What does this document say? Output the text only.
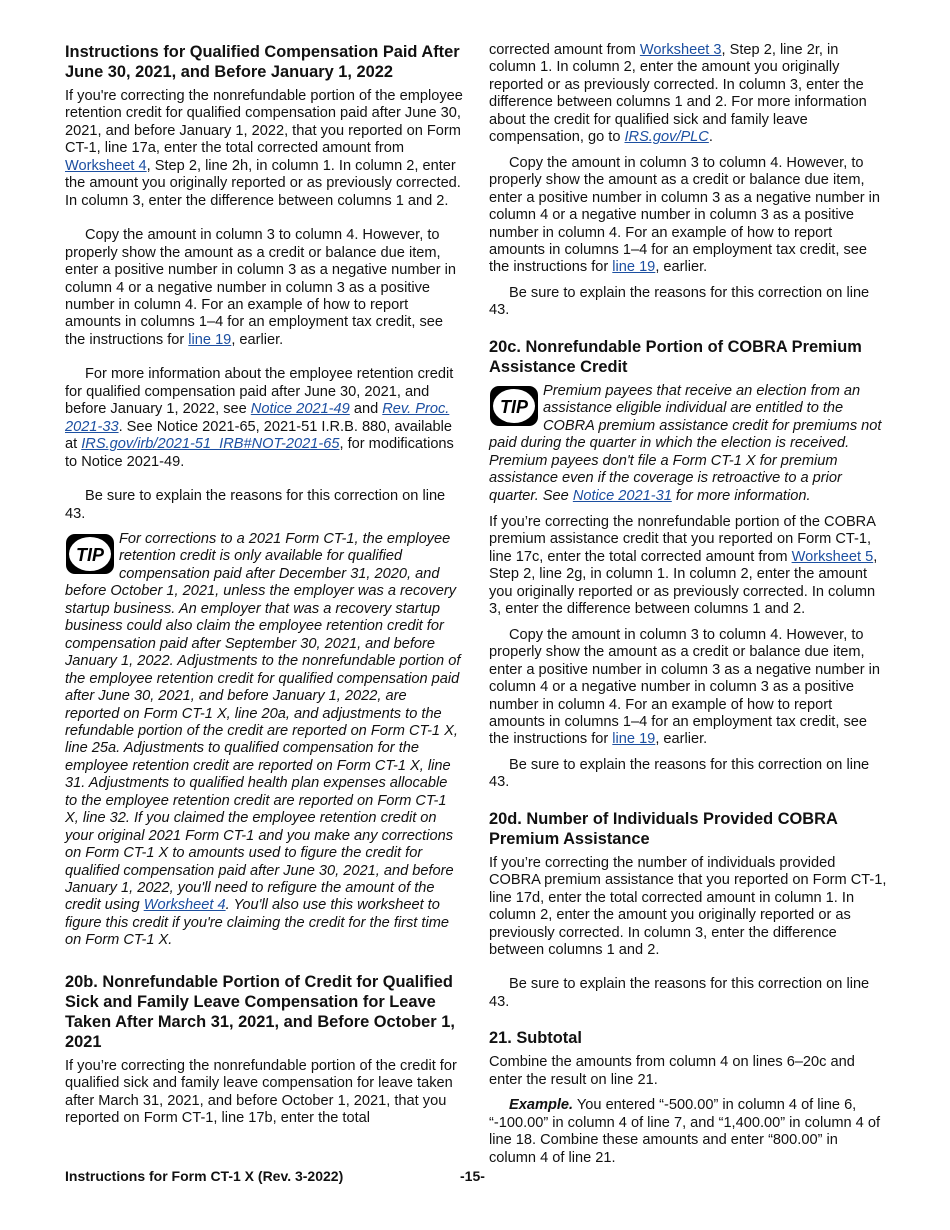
Instructions for Qualified Compensation Paid After June 30, 2021, and Before January 1, 2022

If you're correcting the nonrefundable portion of the employee retention credit for qualified compensation paid after June 30, 2021, and before January 1, 2022, that you reported on Form CT-1, line 17a, enter the total corrected amount from Worksheet 4, Step 2, line 2h, in column 1. In column 2, enter the amount you originally reported or as previously corrected. In column 3, enter the difference between columns 1 and 2.

Copy the amount in column 3 to column 4. However, to properly show the amount as a credit or balance due item, enter a positive number in column 3 as a negative number in column 4 or a negative number in column 3 as a positive number in column 4. For an example of how to report amounts in columns 1–4 for an employment tax credit, see the instructions for line 19, earlier.

For more information about the employee retention credit for qualified compensation paid after June 30, 2021, and before January 1, 2022, see Notice 2021-49 and Rev. Proc. 2021-33. See Notice 2021-65, 2021-51 I.R.B. 880, available at IRS.gov/irb/2021-51_IRB#NOT-2021-65, for modifications to Notice 2021-49.

Be sure to explain the reasons for this correction on line 43.

TIP
For corrections to a 2021 Form CT-1, the employee retention credit is only available for qualified compensation paid after December 31, 2020, and before October 1, 2021, unless the employer was a recovery startup business. An employer that was a recovery startup business could also claim the employee retention credit for compensation paid after September 30, 2021, and before January 1, 2022. Adjustments to the nonrefundable portion of the employee retention credit for qualified compensation paid after June 30, 2021, and before January 1, 2022, are reported on Form CT-1 X, line 20a, and adjustments to the refundable portion of the credit are reported on Form CT-1 X, line 25a. Adjustments to qualified compensation for the employee retention credit are reported on Form CT-1 X, line 31. Adjustments to qualified health plan expenses allocable to the employee retention credit are reported on Form CT-1 X, line 32. If you claimed the employee retention credit on your original 2021 Form CT-1 and you make any corrections on Form CT-1 X to amounts used to figure the credit for qualified compensation paid after June 30, 2021, and before January 1, 2022, you'll need to refigure the amount of the credit using Worksheet 4. You'll also use this worksheet to figure this credit if you're claiming the credit for the first time on Form CT-1 X.
20b. Nonrefundable Portion of Credit for Qualified Sick and Family Leave Compensation for Leave Taken After March 31, 2021, and Before October 1, 2021

If you’re correcting the nonrefundable portion of the credit for qualified sick and family leave compensation for leave taken after March 31, 2021, and before October 1, 2021, that you reported on Form CT-1, line 17b, enter the total

corrected amount from Worksheet 3, Step 2, line 2r, in column 1. In column 2, enter the amount you originally reported or as previously corrected. In column 3, enter the difference between columns 1 and 2. For more information about the credit for qualified sick and family leave compensation, go to IRS.gov/PLC.

Copy the amount in column 3 to column 4. However, to properly show the amount as a credit or balance due item, enter a positive number in column 3 as a negative number in column 4 or a negative number in column 3 as a positive number in column 4. For an example of how to report amounts in columns 1–4 for an employment tax credit, see the instructions for line 19, earlier.

Be sure to explain the reasons for this correction on line 43.

20c. Nonrefundable Portion of COBRA Premium Assistance Credit
TIP
Premium payees that receive an election from an assistance eligible individual are entitled to the COBRA premium assistance credit for premiums not paid during the quarter in which the election is received. Premium payees don't file a Form CT-1 X for premium assistance even if the coverage is retroactive to a prior quarter. See Notice 2021-31 for more information.

If you’re correcting the nonrefundable portion of the COBRA premium assistance credit that you reported on Form CT-1, line 17c, enter the total corrected amount from Worksheet 5, Step 2, line 2g, in column 1. In column 2, enter the amount you originally reported or as previously corrected. In column 3, enter the difference between columns 1 and 2.

Copy the amount in column 3 to column 4. However, to properly show the amount as a credit or balance due item, enter a positive number in column 3 as a negative number in column 4 or a negative number in column 3 as a positive number in column 4. For an example of how to report amounts in columns 1–4 for an employment tax credit, see the instructions for line 19, earlier.

Be sure to explain the reasons for this correction on line 43.

20d. Number of Individuals Provided COBRA Premium Assistance

If you’re correcting the number of individuals provided COBRA premium assistance that you reported on Form CT-1, line 17d, enter the total corrected amount in column 1. In column 2, enter the amount you originally reported or as previously corrected. In column 3, enter the difference between columns 1 and 2.

Be sure to explain the reasons for this correction on line 43.

21. Subtotal

Combine the amounts from column 4 on lines 6–20c and enter the result on line 21.

Example. You entered “-500.00” in column 4 of line 6, “-100.00” in column 4 of line 7, and “1,400.00” in column 4 of line 18. Combine these amounts and enter “800.00” in column 4 of line 21.

Instructions for Form CT-1 X (Rev. 3-2022)	-15-
